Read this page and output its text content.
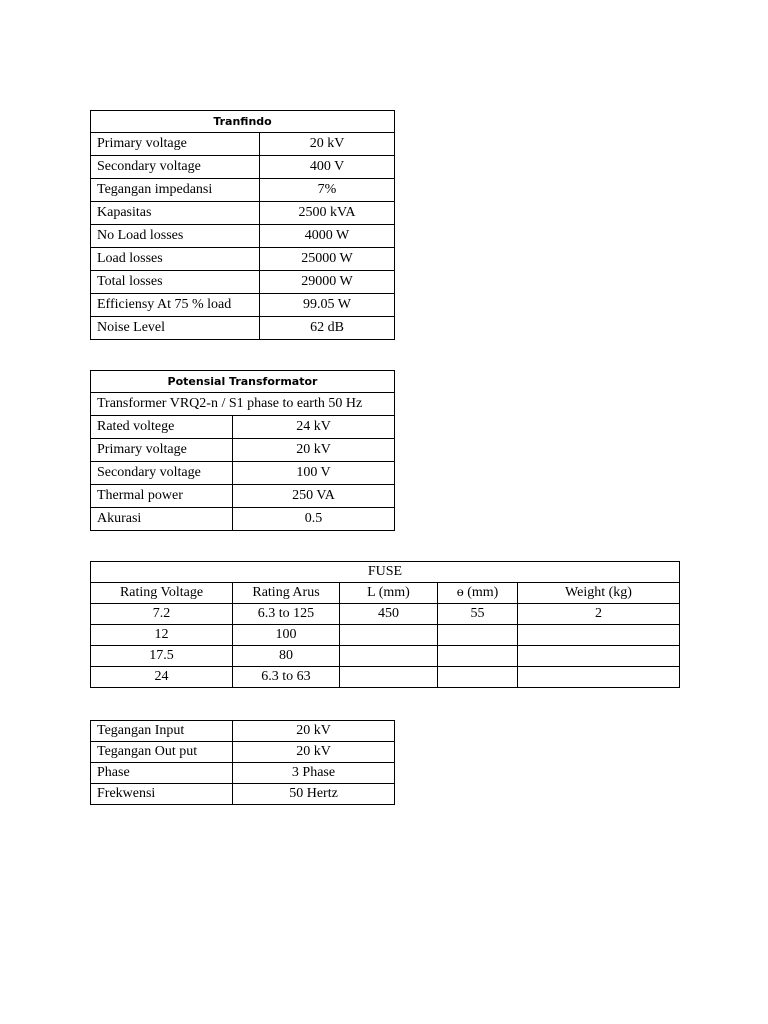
Tranfindo	
Primary voltage	20 kV
Secondary voltage	400 V
Tegangan impedansi	7%
Kapasitas	2500 kVA
No Load losses	4000 W
Load losses	25000 W
Total losses	29000 W
Efficiensy At 75 % load	99.05 W
Noise Level	62 dB
Potensial Transformator	
Transformer VRQ2-n / S1 phase to earth 50 Hz	
Rated voltege	24 kV
Primary voltage	20 kV
Secondary voltage	100 V
Thermal power	250 VA
Akurasi	0.5
FUSE				
Rating Voltage	Rating Arus	L (mm)	ɵ (mm)	Weight (kg)
7.2	6.3 to 125	450	55	2
12	100			
17.5	80			
24	6.3 to 63			
Tegangan Input	20 kV
Tegangan Out put	20 kV
Phase	3 Phase
Frekwensi	50 Hertz
